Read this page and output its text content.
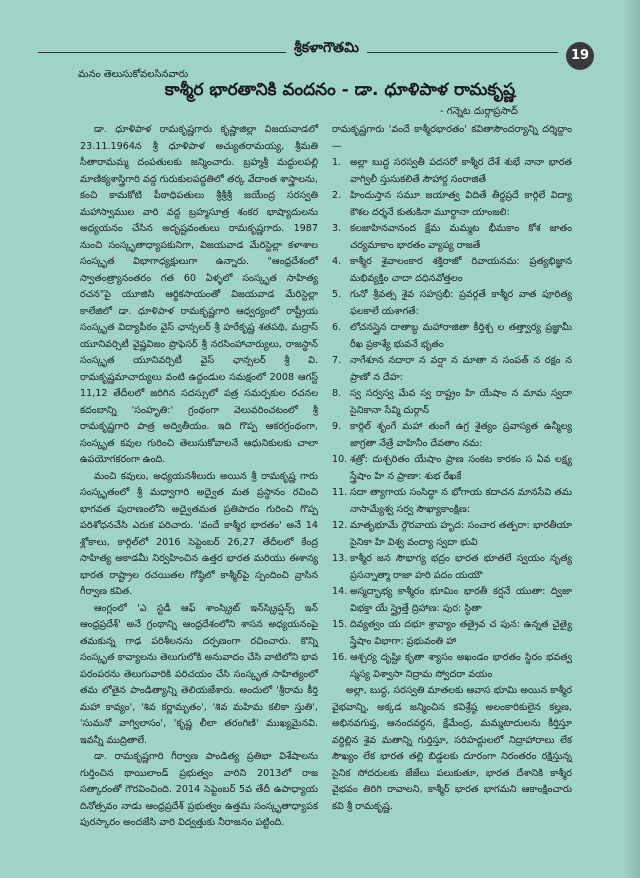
శ్రీకళాగౌతమి	19
మనం తెలుసుకోవలసినవారు
కాశ్మీర భారతానికి వందనం - డా. ధూళిపాళ రామకృష్ణ
- గన్నెట దుర్గాప్రసాద్

డా. ధూళిపాళ రామకృష్ణగారు కృష్ణాజిల్లా విజయవాడలో 23.11.1964న శ్రీ ధూళిపాళ అచ్యుతరామయ్య, శ్రీమతి సీతారామమ్మ దంపతులకు జన్మించారు. బ్రహ్మశ్రీ మద్దులపల్లి మాణిక్యశాస్త్రిగారి వద్ద గురుకులపద్ధతిలో తర్క వేదాంత శాస్త్రాలను, కంచి కామకోటి పీఠాధిపతులు శ్రీశ్రీశ్రీ జయేంద్ర సరస్వతి మహాస్వాముల వారి వద్ద బ్రహ్మసూత్ర శంకర భాష్యాదులను అధ్యయనం చేసిన అదృష్టవంతులు రామకృష్ణగారు. 1987 నుంచి సంస్కృతాధ్యాపకునిగా, విజయవాడ మేరిస్టెల్లా కళాశాల సంస్కృత విభాగాధ్యక్షులుగా ఉన్నారు. "ఆంధ్రదేశంలో స్వాతంత్ర్యానంతరం గత 60 ఏళ్ళలో సంస్కృత సాహిత్య రచన"పై యూజిసి ఆర్థికసాయంతో విజయవాడ మేరిస్టెల్లా కాలేజిలో డా. ధూళిపాళ రామకృష్ణగారి ఆధ్వర్యంలో రాష్ట్రీయ సంస్కృత విద్యాపీఠం వైస్ ఛాన్సలర్ శ్రీ హరేకృష్ణ శతపథి, మద్రాస్ యూనివర్సిటీ వైష్ణవిజం ప్రొఫెసర్ శ్రీ నరసింహాచార్యులు, రాజస్థాన్ సంస్కృత యూనివర్సిటీ వైస్ ఛాన్సలర్ శ్రీ వి. రామకృష్ణమాచార్యులు వంటి ఉద్దండుల సమక్షంలో 2008 ఆగస్ట్ 11,12 తేదీలలో జరిగిన సదస్సులో పత్ర సమర్పకుల రచనల కదంబాన్ని 'సంహృతి:' గ్రంథంగా వెలువరించటంలో శ్రీ రామకృష్ణగారి పాత్ర అద్వితీయం. ఇది గొప్ప ఆకరగ్రంథంగా, సంస్కృత కవుల గురించి తెలుసుకోవాలనే ఆధునికులకు చాలా ఉపయోగకరంగా ఉంది.

మంచి కవులు, అధ్యయనశీలురు అయిన శ్రీ రామకృష్ణ గారు సంస్కృతంలో శ్రీ మధ్వాగారి అద్వైత మత ప్రస్థానం రచించి భాగవత పురాణంలోని అద్వైతమత ప్రతిపాదం గురించి గొప్ప పరిశోధనచేసి ఎరుక పరిచారు. 'వందే కాశ్మీర భారతం' అనే 14 శ్లోకాలు, కార్గిల్‌లో 2016 సెప్టెంబర్ 26,27 తేదీలలో కేంద్ర సాహిత్య అకాడమీ నిర్వహించిన ఉత్తర భారత మరియు ఈశాన్య భారత రాష్ట్రాల రచయితల గోష్ఠిలో కాశ్మీర్‌పై స్పందించి వ్రాసిన గీర్వాణ కవిత.

ఆంగ్లంలో 'ఎ స్టడీ ఆఫ్ శాంస్క్రిట్ ఇన్‌స్క్రిప్షన్స్ ఇన్ ఆంధ్రప్రదేశ్' అనే గ్రంథాన్ని ఆంధ్రదేశంలోని శాసన అధ్యయనంపై తమకున్న గాఢ పరిశీలనను దర్పణంగా రచించారు. కొన్ని సంస్కృత కావ్యాలను తెలుగులోకి అనువాదం చేసి వాటిలోని భావ పరంపరను తెలుగువారికి పరిచయం చేసి సంస్కృత సాహిత్యంలో తమ లోతైన పాండిత్యాన్ని తెలియజేశారు. అందులో 'శ్రీరామ కీర్తి మహా కావ్యం', 'శివ కర్ణామృతం', 'శివ మహిమ కలికా స్తుతి', 'సుమనో వాగ్విలాసం', 'కృష్ణ లీలా తరంగిణి' ముఖ్యమైనవి. ఇవన్నీ ముద్రితాలే.

డా. రామకృష్ణగారి గీర్వాణ పాండిత్య ప్రతిభా విశేషాలను గుర్తించిన థాయిలాండ్ ప్రభుత్వం వారిని 2013లో రాజ సత్కారంతో గౌరవించింది. 2014 సెప్టెంబర్ 5వ తేదీ ఉపాధ్యాయ దినోత్సవం నాడు ఆంధ్రప్రదేశ్ ప్రభుత్వం ఉత్తమ సంస్కృతాధ్యాపక పురస్కారం అందజేసి వారి విద్వత్తుకు నీరాజనం పట్టింది.

రామకృష్ణగారు 'వందే కాశ్మీరభారతం' కవితాసౌందర్యాన్ని దర్శిద్దాం—

1. అల్లా బుద్ధ సరస్వతీ పదసరో కాశ్మీర దేశే శుభే నానా భారత వాగ్విలీ స్తుసుకలితే సౌహార్ద సంరాజితే
2. హిందుస్తాన సమూ జయాత్వ విదితే తీర్థప్రదే కార్గిలే విద్యా కౌశల దర్శనే కుతుకినా మూర్ధానా యాంజలి:
3. కలజాహినవానంద క్షేమ మమ్మట భీమకాం కోశ జాతం చర్యమాకాం భారతం వ్యాప్య రాజతే
4. కాశ్మీర శైవాలంకార శక్తిరాజో రివాయనమ: ప్రత్యభిజ్ఞాన మభివ్యక్తిం చాదా దధినవోత్తలం
5. గునో శ్రీవత్స శైవ సహస్రభీ: ప్రవర్గతే కాశ్మీర వాత పూరిత్య ఫలకాలే యశాగతే:
6. లోచనస్తైన దాతాబ్ధ మహారాజితా కీర్తిశ్చ ల తత్త్వార్య ప్రజ్ఞామీ రీఖ ప్రకాశ్యే భువనే భృతం
7. నాగేశూన నదారా న వర్షా న మాతా న సంపత్ న రక్షం న ప్రాణో న దేహ:
8. స్వ సర్వస్వ మేవ స్వ రాష్ట్రం హి యేషాం న మామ స్వదా సైనికానా సేవ్మి దుర్గాన్
9. కార్గిల్ శృంగే మహా తుంగే ఉగ్ర శైత్యం ప్రవాస్యత ఉన్మీల్య జాగ్రతా నేత్రే వాహినీం దేవతాం నమ:
10. శత్రో: దుశ్చరితం యేషాం ప్రాణ సంకట కారకం స ఏవ లక్ష్య స్త్రేషాం హి న ప్రాణా: శుభ రేఖకే
11. సదా త్యాగాయ సంసిద్ధా న భోగాయ కదాచన మానసేవి తమ నాసామ్యేశ్వ సర్వ సౌఖ్యాకాంక్షిణ:
12. మాతృభూమే ర్గౌరవాయ హృద: సంచార తత్పరా: భారతీయా సైనికా హి విశ్వ వంద్యా స్వదా భువి
13. కాశ్మీర జన సౌభాగ్య భద్రం భారత భూతలే స్వయం నృత్య ప్రసన్నాత్మా రాజా హరి పదం యయౌ
14. అస్మద్భాభ్య కాశ్మీరం భూమిం భారతీ కర్షనే యుతా: ద్విజా విభక్తా యే స్త్రైత్తే ద్రిహాణ: పుర: స్థితా
15. దివ్యత్వం య దభూ శ్రావ్యాం తత్రైవ చ పున: ఉన్నత చైత్యై స్త్రేషాం విభాగా: ప్రభువంతి హా
16. ఆశ్చర్య దృష్టిః కృతా శ్యాసం అఖండం భారతం స్థిరం భవత్వ స్మస్య విశ్వాసా నిద్రామ స్వోదరా వయం

అల్లా, బుద్ధ, సరస్వతి మాతలకు ఆవాస భూమి అయిన కాశ్మీర వైభవాన్ని, అక్కడ జన్మించిన కవిశ్రేష్ఠ అలంకారికులైన కల్హణ, అభినవగుప్త, ఆనందవర్ధన, క్షేమేంద్ర, మమ్మటాదులను కీర్తిస్తూ వర్ధిల్లిన శైవ మతాన్ని గుర్తిస్తూ, సరిహద్దులలో నిద్రాహారాలు లేక సౌఖ్యం లేక భారత తల్లి బిడ్డలకు దూరంగా నిరంతరం రక్షిస్తున్న సైనిక సోదరులకు జేజేలు పలుకుతూ, భారత దేశానికి కాశ్మీర వైభవం తిరిగి రావాలని, కాశ్మీర్ భారత భాగమని ఆకాంక్షించారు కవి శ్రీ రామకృష్ణ.
